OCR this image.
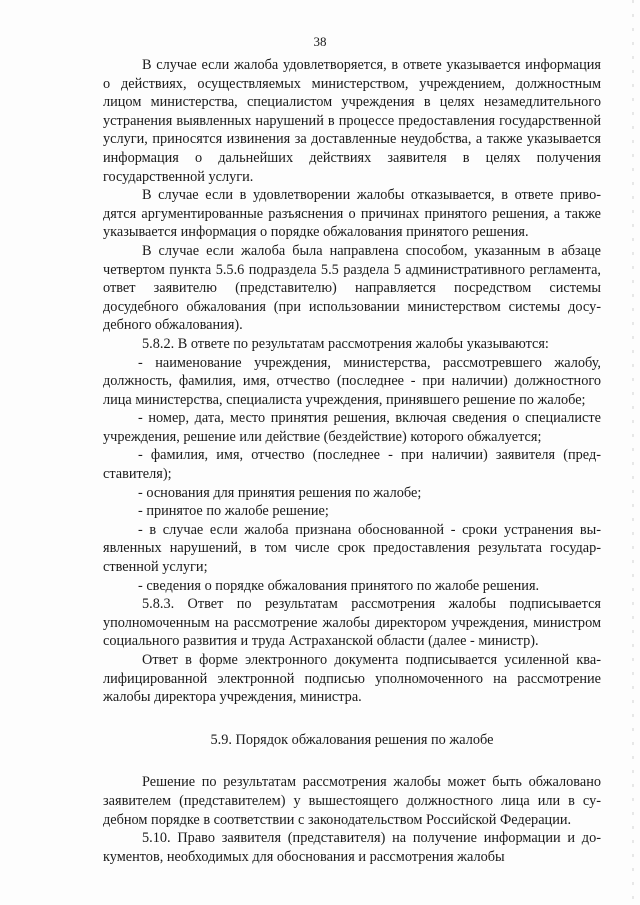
38

В случае если жалоба удовлетворяется, в ответе указывается информация о действиях, осуществляемых министерством, учреждением, должностным лицом министерства, специалистом учреждения в целях незамедлительного устранения выявленных нарушений в процессе предоставления государственной услуги, приносятся извинения за доставленные неудобства, а также указывается информация о дальнейших действиях заявителя в целях получения государственной услуги.

В случае если в удовлетворении жалобы отказывается, в ответе приводятся аргументированные разъяснения о причинах принятого решения, а также указывается информация о порядке обжалования принятого решения.

В случае если жалоба была направлена способом, указанным в абзаце четвертом пункта 5.5.6 подраздела 5.5 раздела 5 административного регламента, ответ заявителю (представителю) направляется посредством системы досудебного обжалования (при использовании министерством системы досудебного обжалования).

5.8.2. В ответе по результатам рассмотрения жалобы указываются:

- наименование учреждения, министерства, рассмотревшего жалобу, должность, фамилия, имя, отчество (последнее - при наличии) должностного лица министерства, специалиста учреждения, принявшего решение по жалобе;

- номер, дата, место принятия решения, включая сведения о специалисте учреждения, решение или действие (бездействие) которого обжалуется;

- фамилия, имя, отчество (последнее - при наличии) заявителя (представителя);

- основания для принятия решения по жалобе;

- принятое по жалобе решение;

- в случае если жалоба признана обоснованной - сроки устранения выявленных нарушений, в том числе срок предоставления результата государственной услуги;

- сведения о порядке обжалования принятого по жалобе решения.

5.8.3. Ответ по результатам рассмотрения жалобы подписывается уполномоченным на рассмотрение жалобы директором учреждения, министром социального развития и труда Астраханской области (далее - министр).

Ответ в форме электронного документа подписывается усиленной квалифицированной электронной подписью уполномоченного на рассмотрение жалобы директора учреждения, министра.

5.9. Порядок обжалования решения по жалобе

Решение по результатам рассмотрения жалобы может быть обжаловано заявителем (представителем) у вышестоящего должностного лица или в судебном порядке в соответствии с законодательством Российской Федерации.

5.10. Право заявителя (представителя) на получение информации и документов, необходимых для обоснования и рассмотрения жалобы
